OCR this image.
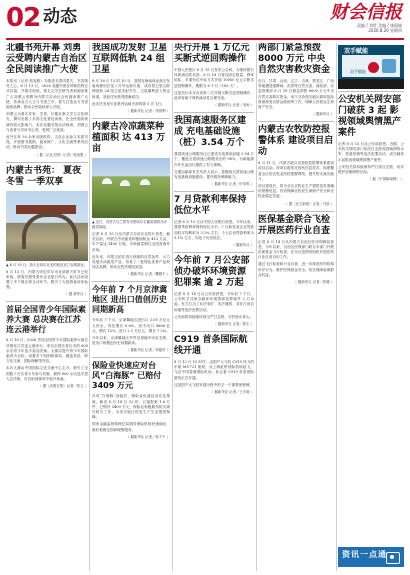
02 动态	财会信报
责编 / 刘哲 美编 / 康丽媛
2026.8.20 星期四
北疆书苑开幕 刘勇云受聘内蒙古自治区 全民阅读推广大使

本报讯（记者 郭炎胜）为推进书香内蒙古，书香领导之心，6 月 13 日，2026 北疆书苑在呼和浩特正式启幕，开幕式现场，著名文学史研究者和阅读推广人刘勇云受聘为内蒙古自治区全民阅读推广大使，传承北方人文与书香之中，着力打造北方书香阅读品牌，推动全民阅读深入开展。

刘勇云为著名作家、学者，长期从事文学与文化研究，撰写出版了多部文化普及读物，在全民阅读领域有较大影响力，本次北疆书苑活动现场，刘勇云与读者分享读书心得，受到广泛欢迎。

此外还有 30 余家出版机构、文化企业参与本届书苑，开展图书展销、阅读推广、文化交流等系列活动，推动书香北疆建设。

（ 据《正北方网》记者／郭炎胜 ）
内蒙古书苑： 夏夜冬雪 一季双享
▲ 8 月 15 日，游人在哈尔北北的敖包宫门参观游玩。

8 月 15 日，内蒙古呼伦贝尔市北部夏天时节已经来临，游客们感受着东北亚夏日风光。此次活动设置了多个展区和互动环节，吸引了大批游客前来参观。

（ 据 新华社 ）
首届全国青少年国际素养大赛 总决赛在江苏连云港举行

8 月 16 日，2026 首届全国青少年国际素养大赛总决赛在江苏连云港举行，来自全国各省区市的 600 余名青少年选手参加决赛。大赛以提升青少年国际素养为目标，设置多个组别和赛项，涵盖英语、跨文化交流、国际理解等内容。

本次大赛由中国国际文化交流中心主办，吸引了全国数十万名青少年参与初赛，最终 600 余名选手进入总决赛，在各组别赛项中展开角逐。

（ 据《光明日报》记者／张文 ）
我国成功发射 卫星互联网低轨 24 组卫星

8 月 16 日 12 时 10 分，我国在海南商业航天发射场使用长征八号甲运载火箭，成功将卫星互联网低轨 24 组卫星发射升空，卫星顺利进入预定轨道，发射任务获得圆满成功。

此次任务是长征系列运载火箭的第 5 次飞行。

（ 据新华社 记者／李国利 ）
内蒙古冷凉蔬菜种植面积 达 413 万亩
▲ 近日，内蒙古乌兰察布市察哈尔右翼前旗的冷凉蔬菜基地。

记者 8 月 15 日从内蒙古自治区农牧厅获悉，截至目前，内蒙古冷凉蔬菜种植面积达 413 万亩，年产量达 1400 万吨，多种蔬菜销往全国及海外市场。

近年来，内蒙古依托得天独厚的自然条件，大力发展冷凉蔬菜产业，培育了一批特色优势产品和知名品牌，带动农牧民增收致富。

（ 据新华社 记者／魏婧宇 ）
今年前 7 个月京津冀地区 进出口值创历史同期新高

今年前 7 个月，京津冀地区进出口 3.05 万亿元人民币，同比增长 8.6%，其中出口 9666 亿元，增长 12%，进口 2.1 万亿元，增长 7.2%。

今年以来，京津冀地区外贸呈现稳中向好态势，进出口规模创历史同期新高。

（ 据新华社 记者／刘夏村 ）
保险业快速应对台风“白海豚” 已赔付 3409 万元

台风“白海豚”登陆后，保险业迅速启动应急预案，截至 8 月 18 日 12 时，已接报案 1.6 万件，已赔付 3409 万元，保险业积极服务防灾减灾救灾工作，为受灾地区恢复生产生活提供保障。

国家金融监督管理总局指导保险机构快速响应，做好查勘定损和理赔服务。

（ 据新华社 记者／张千千 ）
央行开展 1 万亿元 买断式逆回购操作

中国人民银行 8 月 15 日发布公告称，为保持银行体系流动性充裕，8 月 18 日将以固定数量、利率招标、多重价位中标方式开展 10000 亿元买断式逆回购操作，期限为 6 个月（183 天）。

这是央行本月以来第二次开展买断式逆回购操作，此举有助于保持流动性合理充裕。

（ 据新华社 记者／吴雨 ）
我国高速服务区建成 充电基础设施（桩）3.54 万个

我国高速公路服务区已建成充电基础设施 3.54 万个，覆盖全国高速公路服务区的 98%，为新能源汽车长途出行提供了有力保障。

交通运输部有关负责人表示，将继续完善高速公路充电基础设施建设，提升服务保障能力。

（ 据新华社 记者／叶昊鸣 ）
7 月贷款利率保持低位水平

记者 8 月 15 日从中国人民银行获悉，今年以来，我国贷款利率保持低位水平。7 月新发放企业贷款加权平均利率为 3.2% 左右，个人住房贷款利率为 3.1% 左右，均处于历史低位。

（ 据新华社 ）
今年前 7 月公安部 侦办破坏环境资源犯罪案 逾 2 万起

记者 8 月 14 日从公安部获悉，今年前 7 个月，公安机关共侦办破坏环境资源犯罪案件 2 万余起，有力打击了非法采矿、非法捕捞、非法占用农用地等违法犯罪活动。

公安部将持续保持高压严打态势，守护绿水青山。

（ 据新华社 记者／熊丰 ）
C919 首条国际航线开通

8 月 12 日 15 时许，由国产大飞机 C919 执飞的东航 MU721 航班，从上海虹桥国际机场起飞，飞往中国香港国际机场，标志着 C919 首条国际航线正式开通。

这是国产大飞机发展历程中的又一个重要里程碑。

（ 据新华社 记者／王辛莉 ）
两部门紧急预拨 8000 万元 中央自然灾害救灾资金

近日，甘肃、山西、辽宁、吉林、黑龙江、广西等地遭受强降雨、洪涝等自然灾害。财政部、应急管理部 8 月 18 日紧急预拨 8000 万元中央自然灾害救灾资金，用于支持受灾地区做好抢险救援和受灾群众救助等工作，保障人民群众生命财产安全。

（ 据新华社 ）
内蒙古农牧防控报警体系 建设项目启动

8 月 11 日，内蒙古地区农牧防控报警体系建设项目启动。该项目将依托现代信息技术，构建覆盖全区的农牧业防控报警网络，提升防灾减灾能力。

项目建成后，将为全区农牧业生产提供及时准确的预警信息，有效保障农牧民生命财产安全和农牧业稳定发展。

（ 据《北方新报》记者／马欣 ）
医保基金联合飞检 开展医药行业自查

记者 8 月 14 日从内蒙古自治区医疗保障局获悉，今年以来，自治区医保部门联合多部门开展医保基金飞行检查，在全区范围内组织开展医药行业自查自纠工作。

通过飞行检查和行业自查，进一步规范医药机构诊疗行为，维护医保基金安全，切实保障参保群众权益。

（ 据新华社 记者／张娜 ）
双手赋能
双手赋能
公安机关网安部门破获 3 起 影视领域舆情黑产案件

记者 8 月 15 日从公安部获悉，近期，公安机关网安部门依法打击影视领域网络水军、恶意营销等违法犯罪活动，成功破获 3 起影视领域舆情黑产案件。

公安机关将持续保持严打高压态势，切实维护清朗网络空间。

（ 据《中国新闻网》 ）
资讯一点通
